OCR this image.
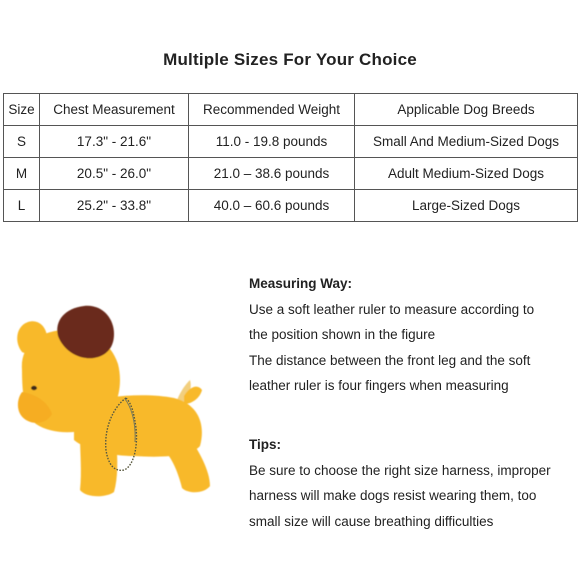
Multiple Sizes For Your Choice
Size	Chest Measurement	Recommended Weight	Applicable Dog Breeds
S	17.3" - 21.6"	11.0 - 19.8 pounds	Small And Medium-Sized Dogs
M	20.5" - 26.0"	21.0 – 38.6 pounds	Adult Medium-Sized Dogs
L	25.2" - 33.8"	40.0 – 60.6 pounds	Large-Sized Dogs
Measuring Way:
Use a soft leather ruler to measure according to
the position shown in the figure
The distance between the front leg and the soft
leather ruler is four fingers when measuring
Tips:
Be sure to choose the right size harness, improper
harness will make dogs resist wearing them, too
small size will cause breathing difficulties
